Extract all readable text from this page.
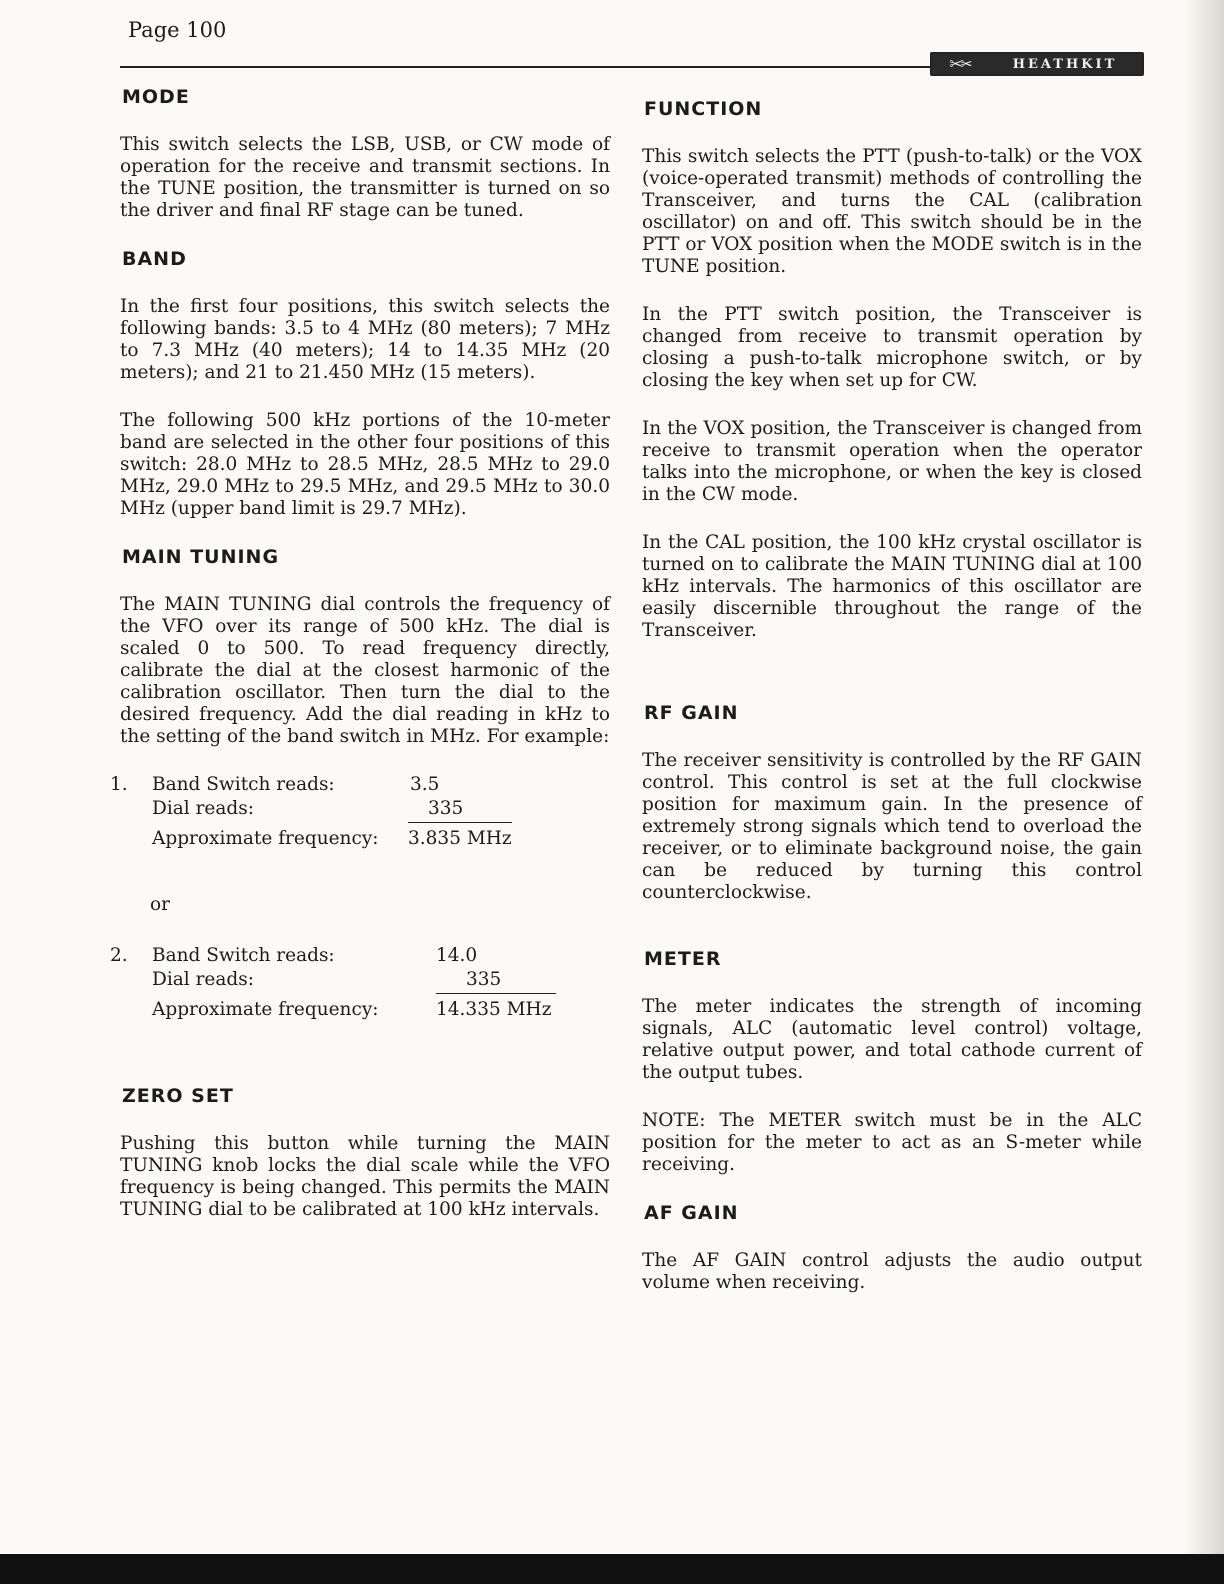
Page 100
✂✂	HEATHKIT
MODE

This switch selects the LSB, USB, or CW mode of operation for the receive and transmit sections. In the TUNE position, the transmitter is turned on so the driver and final RF stage can be tuned.

BAND

In the first four positions, this switch selects the following bands: 3.5 to 4 MHz (80 meters); 7 MHz to 7.3 MHz (40 meters); 14 to 14.35 MHz (20 meters); and 21 to 21.450 MHz (15 meters).

The following 500 kHz portions of the 10-meter band are selected in the other four positions of this switch: 28.0 MHz to 28.5 MHz, 28.5 MHz to 29.0 MHz, 29.0 MHz to 29.5 MHz, and 29.5 MHz to 30.0 MHz (upper band limit is 29.7 MHz).

MAIN TUNING

The MAIN TUNING dial controls the frequency of the VFO over its range of 500 kHz. The dial is scaled 0 to 500. To read frequency directly, calibrate the dial at the closest harmonic of the calibration oscillator. Then turn the dial to the desired frequency. Add the dial reading in kHz to the setting of the band switch in MHz. For example:

1. Band Switch reads:	3.5
Dial reads:	335
Approximate frequency: 3.835 MHz
or
2. Band Switch reads:	14.0
Dial reads:	335
Approximate frequency:	14.335 MHz
ZERO SET

Pushing this button while turning the MAIN TUNING knob locks the dial scale while the VFO frequency is being changed. This permits the MAIN TUNING dial to be calibrated at 100 kHz intervals.

FUNCTION

This switch selects the PTT (push-to-talk) or the VOX (voice-operated transmit) methods of controlling the Transceiver, and turns the CAL (calibration oscillator) on and off. This switch should be in the PTT or VOX position when the MODE switch is in the TUNE position.

In the PTT switch position, the Transceiver is changed from receive to transmit operation by closing a push-to-talk microphone switch, or by closing the key when set up for CW.

In the VOX position, the Transceiver is changed from receive to transmit operation when the operator talks into the microphone, or when the key is closed in the CW mode.

In the CAL position, the 100 kHz crystal oscillator is turned on to calibrate the MAIN TUNING dial at 100 kHz intervals. The harmonics of this oscillator are easily discernible throughout the range of the Transceiver.

RF GAIN

The receiver sensitivity is controlled by the RF GAIN control. This control is set at the full clockwise position for maximum gain. In the presence of extremely strong signals which tend to overload the receiver, or to eliminate background noise, the gain can be reduced by turning this control counterclockwise.

METER

The meter indicates the strength of incoming signals, ALC (automatic level control) voltage, relative output power, and total cathode current of the output tubes.

NOTE: The METER switch must be in the ALC position for the meter to act as an S-meter while receiving.

AF GAIN

The AF GAIN control adjusts the audio output volume when receiving.
